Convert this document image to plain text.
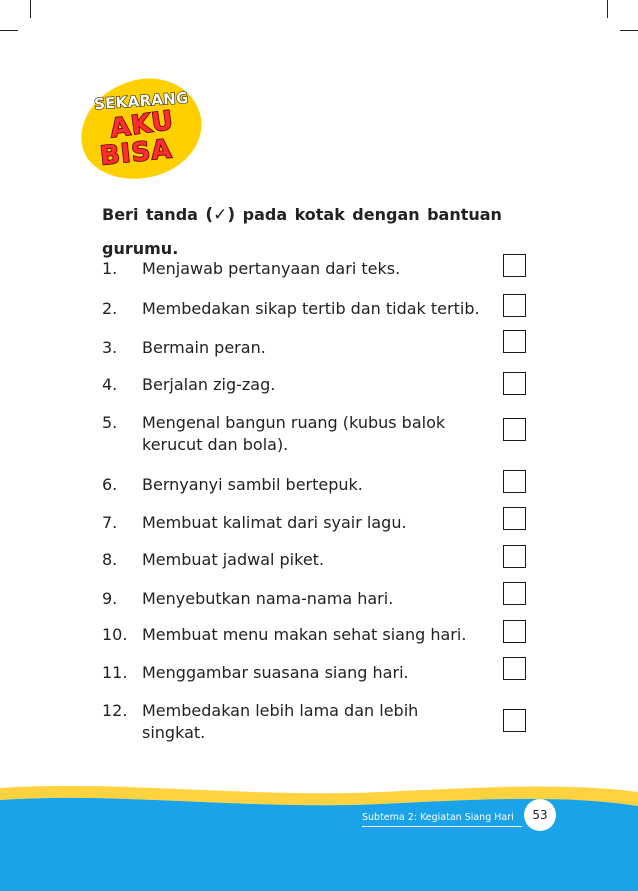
SEKARANG
AKU
BISA
Beri tanda (✓) pada kotak dengan bantuan
gurumu.
1.	Menjawab pertanyaan dari teks.
2.	Membedakan sikap tertib dan tidak tertib.
3.	Bermain peran.
4.	Berjalan zig-zag.
5.	Mengenal bangun ruang (kubus balok kerucut dan bola).
6.	Bernyanyi sambil bertepuk.
7.	Membuat kalimat dari syair lagu.
8.	Membuat jadwal piket.
9.	Menyebutkan nama-nama hari.
10. Membuat menu makan sehat siang hari.
11. Menggambar suasana siang hari.
12. Membedakan lebih lama dan lebih singkat.
Subtema 2: Kegiatan Siang Hari	53
